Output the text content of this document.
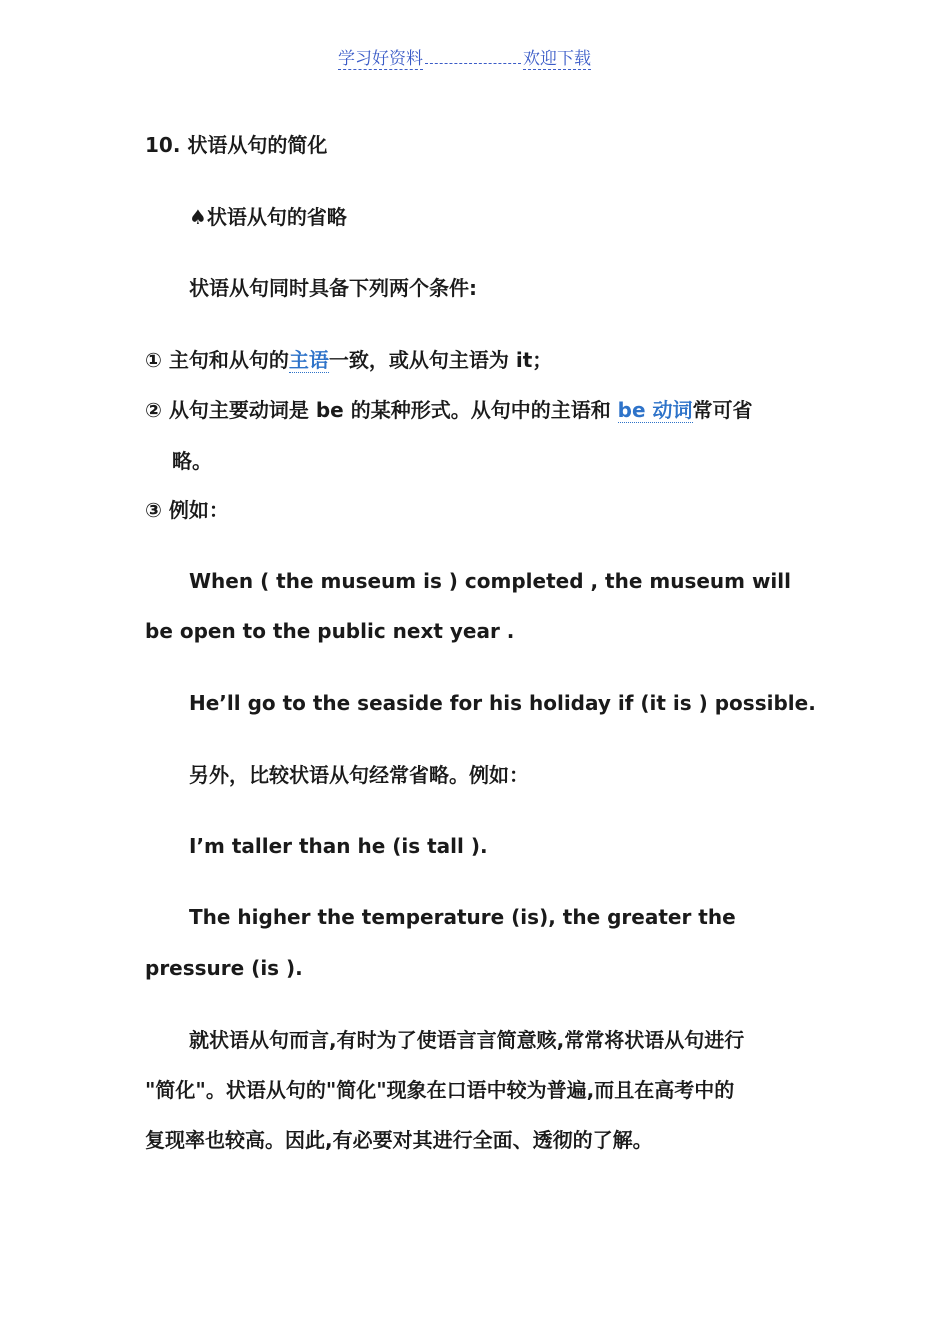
学习好资料	欢迎下载
10. 状语从句的简化
♠状语从句的省略
状语从句同时具备下列两个条件:
① 主句和从句的主语一致，或从句主语为 it；
② 从句主要动词是 be 的某种形式。从句中的主语和 be 动词常可省
略。
③ 例如：
When ( the museum is ) completed , the museum will
be open to the public next year .
He’ll go to the seaside for his holiday if (it is ) possible.
另外，比较状语从句经常省略。例如：
I’m taller than he (is tall ).
The higher the temperature (is), the greater the
pressure (is ).
就状语从句而言,有时为了使语言言简意赅,常常将状语从句进行
"简化"。状语从句的"简化"现象在口语中较为普遍,而且在高考中的
复现率也较高。因此,有必要对其进行全面、透彻的了解。
